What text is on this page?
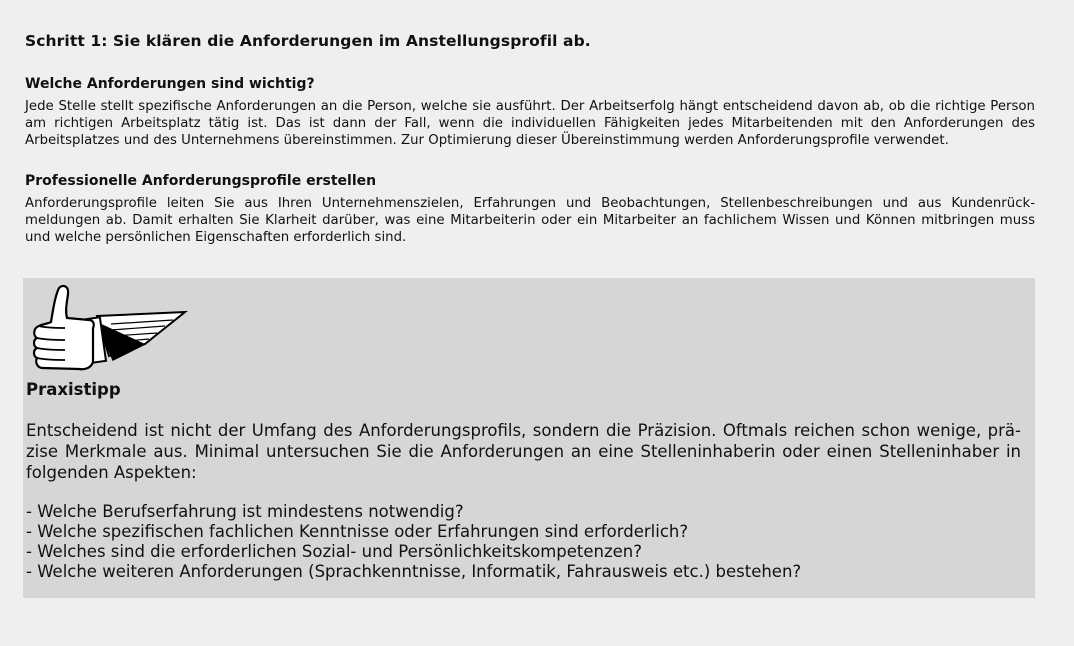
Schritt 1: Sie klären die Anforderungen im Anstellungsprofil ab.
Welche Anforderungen sind wichtig?

Jede Stelle stellt spezifische Anforderungen an die Person, welche sie ausführt. Der Arbeitserfolg hängt entscheidend davon ab, ob die richtige Person am richtigen Arbeitsplatz tätig ist. Das ist dann der Fall, wenn die individuellen Fähigkeiten jedes Mitarbeitenden mit den Anforderungen des Arbeitsplatzes und des Unternehmens übereinstimmen. Zur Optimierung dieser Übereinstimmung werden Anforderungsprofile verwendet.

Professionelle Anforderungsprofile erstellen

Anforderungsprofile leiten Sie aus Ihren Unternehmenszielen, Erfahrungen und Beobachtungen, Stellenbeschreibungen und aus Kundenrück-meldungen ab. Damit erhalten Sie Klarheit darüber, was eine Mitarbeiterin oder ein Mitarbeiter an fachlichem Wissen und Können mitbringen muss und welche persönlichen Eigenschaften erforderlich sind.

Praxistipp

Entscheidend ist nicht der Umfang des Anforderungsprofils, sondern die Präzision. Oftmals reichen schon wenige, prä-zise Merkmale aus. Minimal untersuchen Sie die Anforderungen an eine Stelleninhaberin oder einen Stelleninhaber in folgenden Aspekten:

- Welche Berufserfahrung ist mindestens notwendig?
- Welche spezifischen fachlichen Kenntnisse oder Erfahrungen sind erforderlich?
- Welches sind die erforderlichen Sozial- und Persönlichkeitskompetenzen?
- Welche weiteren Anforderungen (Sprachkenntnisse, Informatik, Fahrausweis etc.) bestehen?
